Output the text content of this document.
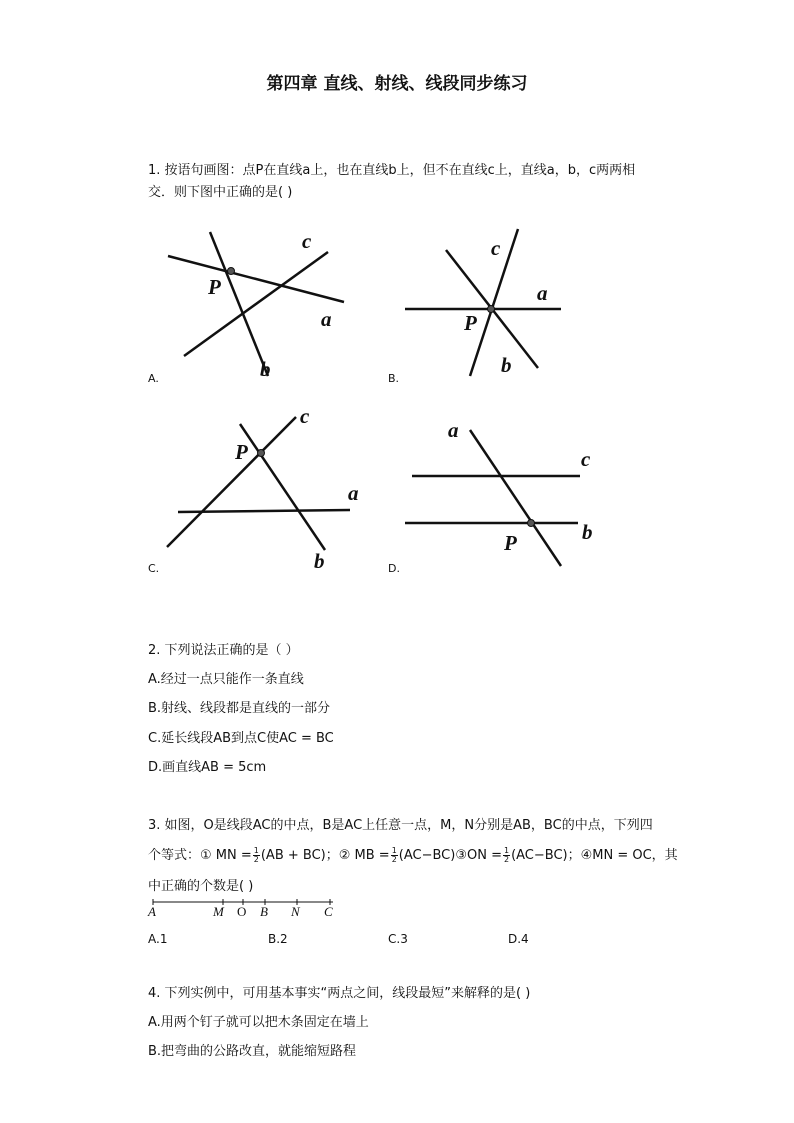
第四章 直线、射线、线段同步练习
1. 按语句画图：点P在直线a上，也在直线b上，但不在直线c上，直线a，b，c两两相
交．则下图中正确的是( )
P
c
a
b
A.
P
c
a
b
B.
P
c
a
b
C.
P
a
c
b
D.
2. 下列说法正确的是（ ）
A.经过一点只能作一条直线
B.射线、线段都是直线的一部分
C.延长线段AB到点C使AC = BC
D.画直线AB = 5cm
3. 如图，O是线段AC的中点，B是AC上任意一点，M，N分别是AB，BC的中点，下列四
个等式：① MN = $\frac{1}{2} (AB + BC)$；② MB = $\frac{1}{2}$ (AC−BC)③ON = $\frac{1}{2} (AC-BC)$；④MN = OC，其
中正确的个数是( )
A	M O B N C
A.1	B.2	C.3	D.4
4. 下列实例中，可用基本事实“两点之间，线段最短”来解释的是( )
A.用两个钉子就可以把木条固定在墙上
B.把弯曲的公路改直，就能缩短路程
